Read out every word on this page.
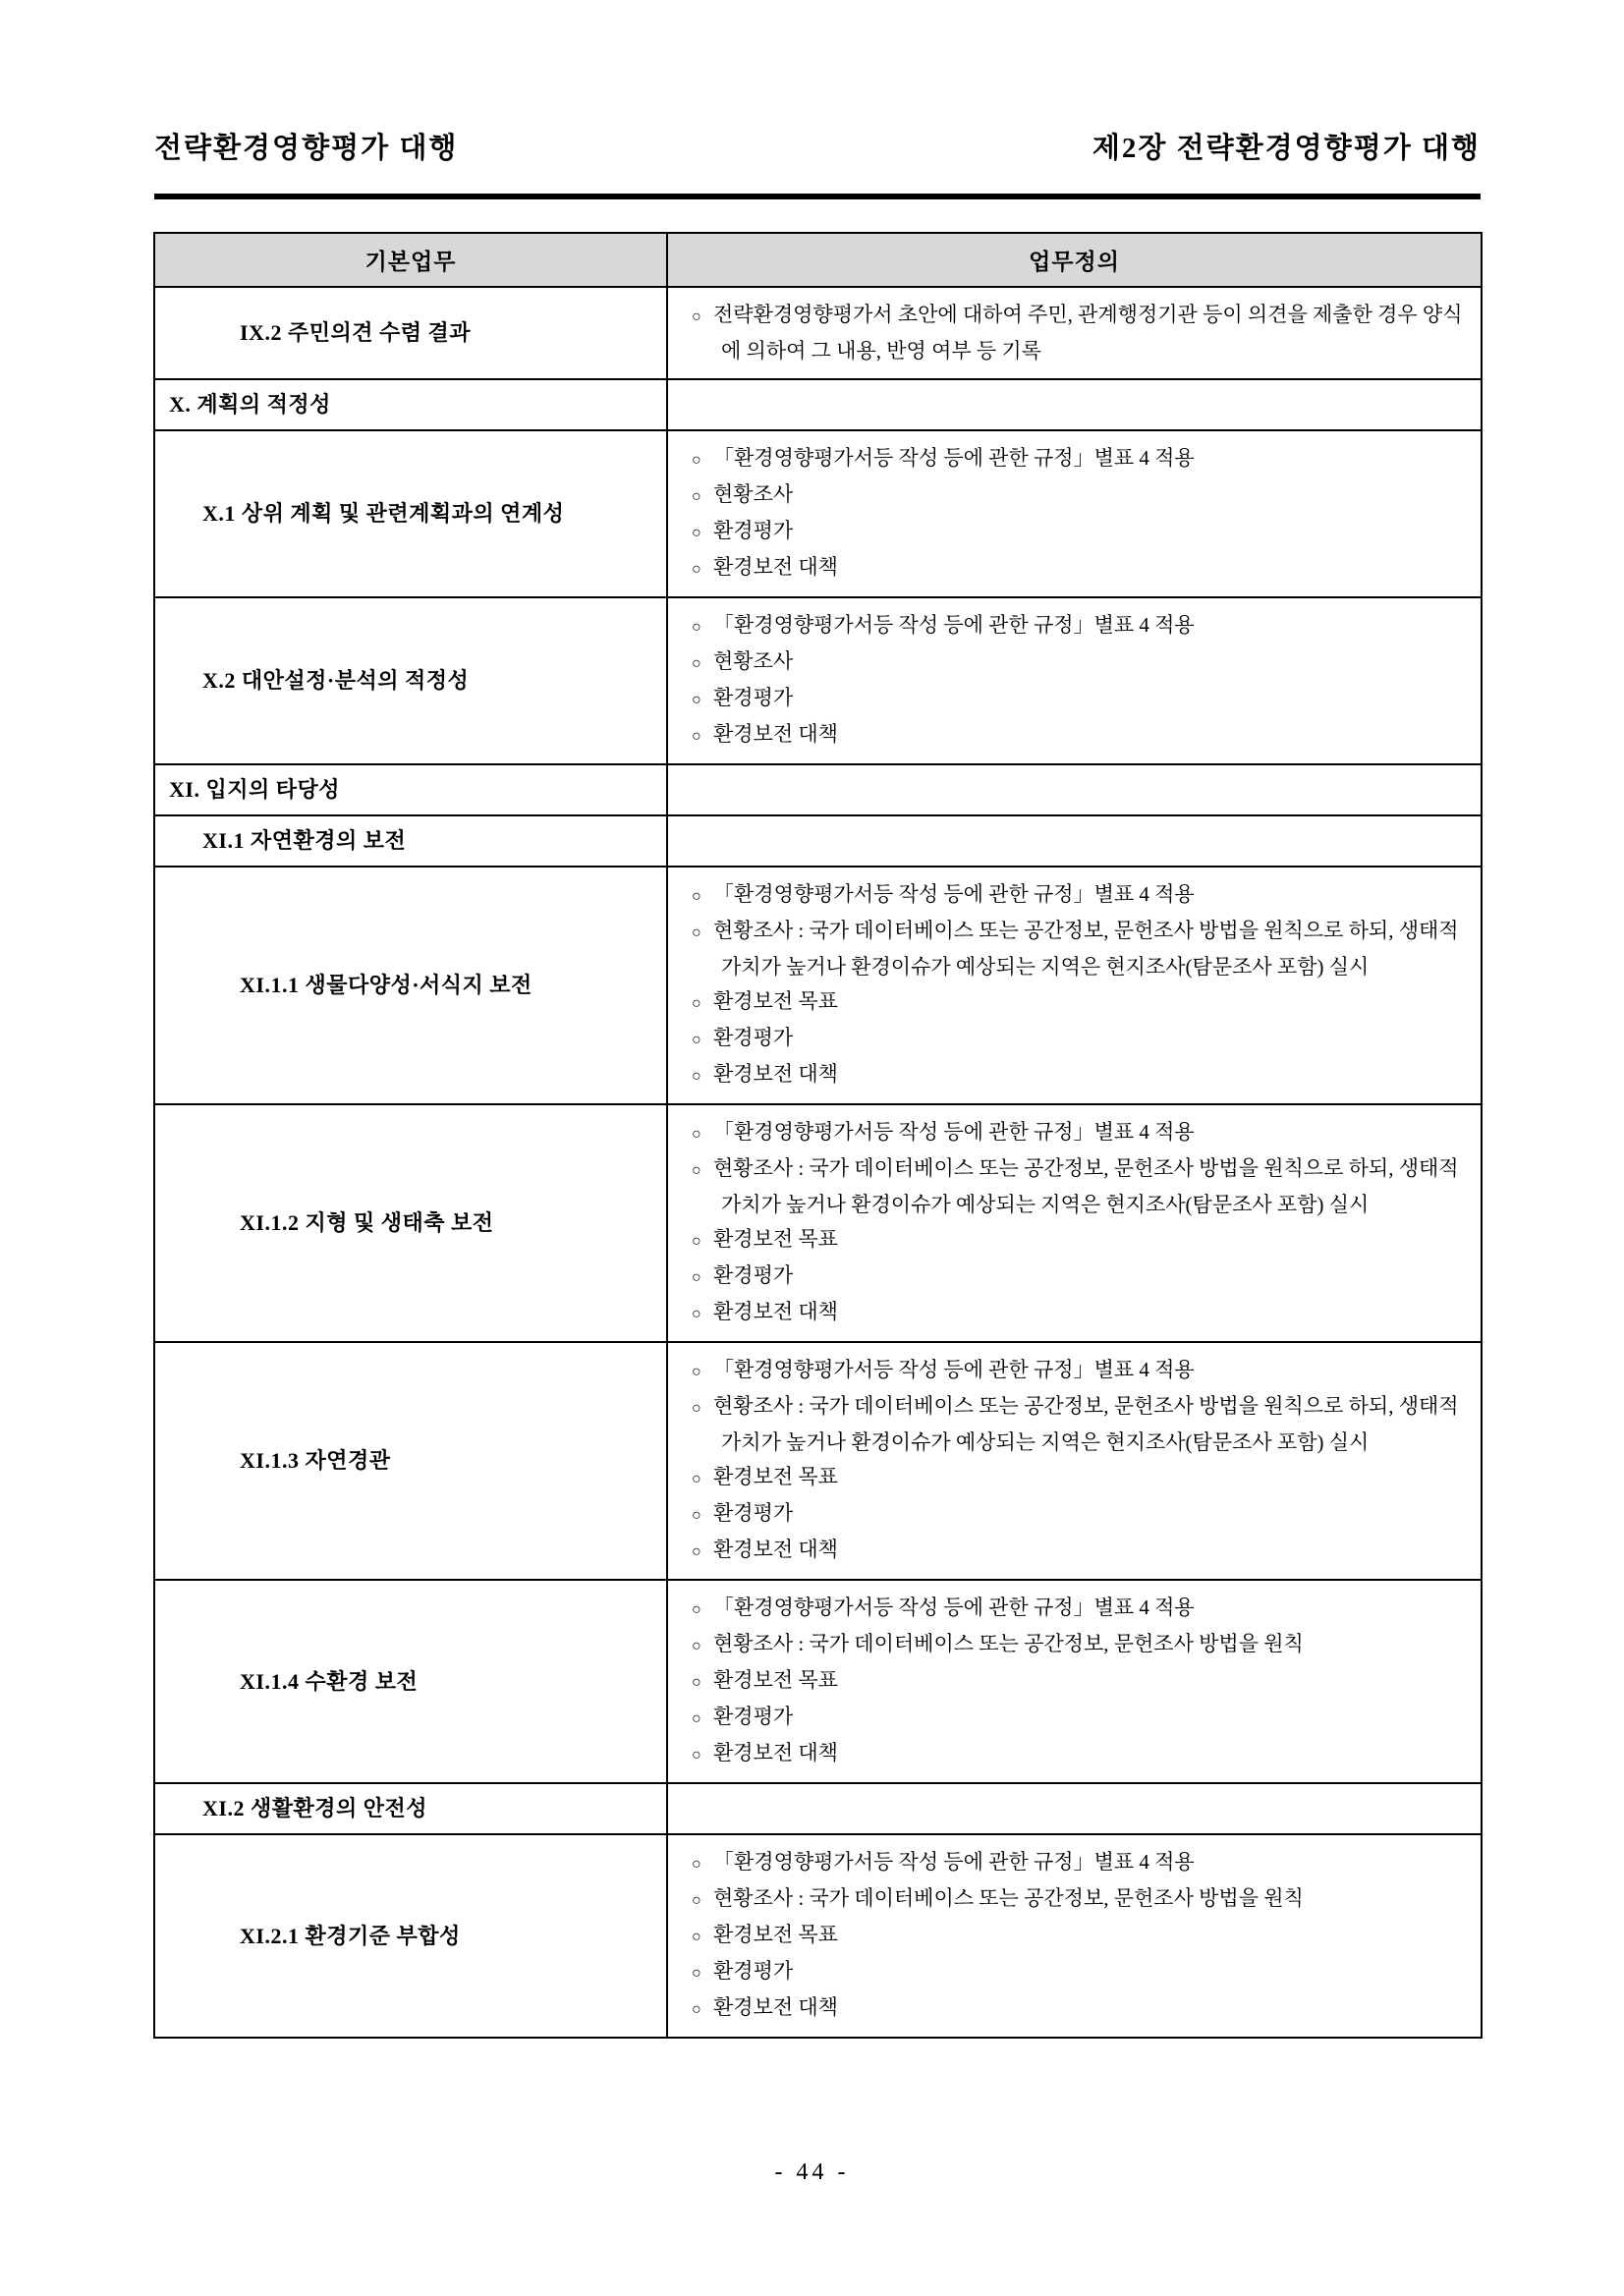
전략환경영향평가 대행	제2장 전략환경영향평가 대행
기본업무	업무정의
IX.2 주민의견 수렴 결과	○ 전략환경영향평가서 초안에 대하여 주민, 관계행정기관 등이 의견을 제출한 경우 양식에 의하여 그 내용, 반영 여부 등 기록

X. 계획의 적정성	
X.1 상위 계획 및 관련계획과의 연계성	○ 「환경영향평가서등 작성 등에 관한 규정」별표 4 적용
○ 현황조사
○ 환경평가
○ 환경보전 대책

X.2 대안설정·분석의 적정성	○ 「환경영향평가서등 작성 등에 관한 규정」별표 4 적용
○ 현황조사
○ 환경평가
○ 환경보전 대책

XI. 입지의 타당성	
XI.1 자연환경의 보전	
XI.1.1 생물다양성·서식지 보전	○ 「환경영향평가서등 작성 등에 관한 규정」별표 4 적용
○ 현황조사 : 국가 데이터베이스 또는 공간정보, 문헌조사 방법을 원칙으로 하되, 생태적 가치가 높거나 환경이슈가 예상되는 지역은 현지조사(탐문조사 포함) 실시
○ 환경보전 목표
○ 환경평가
○ 환경보전 대책

XI.1.2 지형 및 생태축 보전	○ 「환경영향평가서등 작성 등에 관한 규정」별표 4 적용
○ 현황조사 : 국가 데이터베이스 또는 공간정보, 문헌조사 방법을 원칙으로 하되, 생태적 가치가 높거나 환경이슈가 예상되는 지역은 현지조사(탐문조사 포함) 실시
○ 환경보전 목표
○ 환경평가
○ 환경보전 대책

XI.1.3 자연경관	○ 「환경영향평가서등 작성 등에 관한 규정」별표 4 적용
○ 현황조사 : 국가 데이터베이스 또는 공간정보, 문헌조사 방법을 원칙으로 하되, 생태적 가치가 높거나 환경이슈가 예상되는 지역은 현지조사(탐문조사 포함) 실시
○ 환경보전 목표
○ 환경평가
○ 환경보전 대책

XI.1.4 수환경 보전	○ 「환경영향평가서등 작성 등에 관한 규정」별표 4 적용
○ 현황조사 : 국가 데이터베이스 또는 공간정보, 문헌조사 방법을 원칙
○ 환경보전 목표
○ 환경평가
○ 환경보전 대책

XI.2 생활환경의 안전성	
XI.2.1 환경기준 부합성	○ 「환경영향평가서등 작성 등에 관한 규정」별표 4 적용
○ 현황조사 : 국가 데이터베이스 또는 공간정보, 문헌조사 방법을 원칙
○ 환경보전 목표
○ 환경평가
○ 환경보전 대책
- 44 -
